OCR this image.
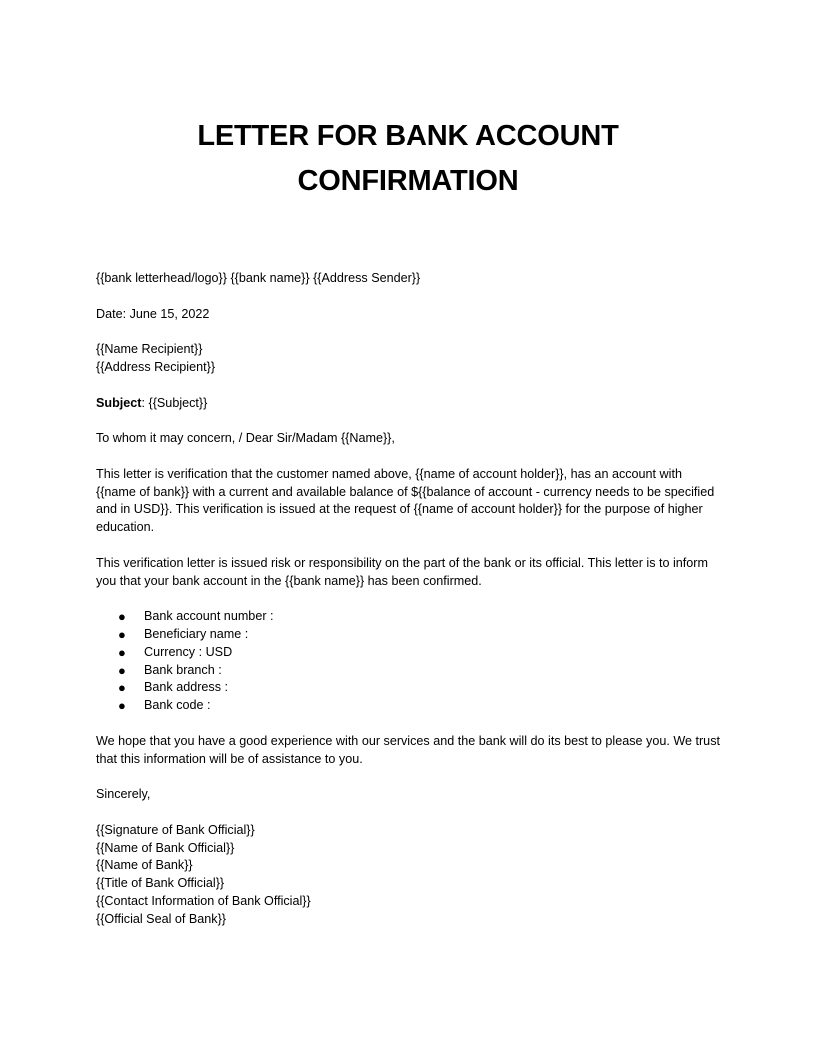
LETTER FOR BANK ACCOUNT
CONFIRMATION

{{bank letterhead/logo}} {{bank name}} {{Address Sender}}

Date: June 15, 2022

{{Name Recipient}}

{{Address Recipient}}

Subject: {{Subject}}

To whom it may concern, / Dear Sir/Madam {{Name}},

This letter is verification that the customer named above, {{name of account holder}}, has an account with {{name of bank}} with a current and available balance of ${{balance of account - currency needs to be specified and in USD}}. This verification is issued at the request of {{name of account holder}} for the purpose of higher education.

This verification letter is issued risk or responsibility on the part of the bank or its official. This letter is to inform you that your bank account in the {{bank name}} has been confirmed.

● Bank account number :
● Beneficiary name :
● Currency : USD
● Bank branch :
● Bank address :
● Bank code :

We hope that you have a good experience with our services and the bank will do its best to please you. We trust that this information will be of assistance to you.

Sincerely,

{{Signature of Bank Official}}

{{Name of Bank Official}}

{{Name of Bank}}

{{Title of Bank Official}}

{{Contact Information of Bank Official}}

{{Official Seal of Bank}}
